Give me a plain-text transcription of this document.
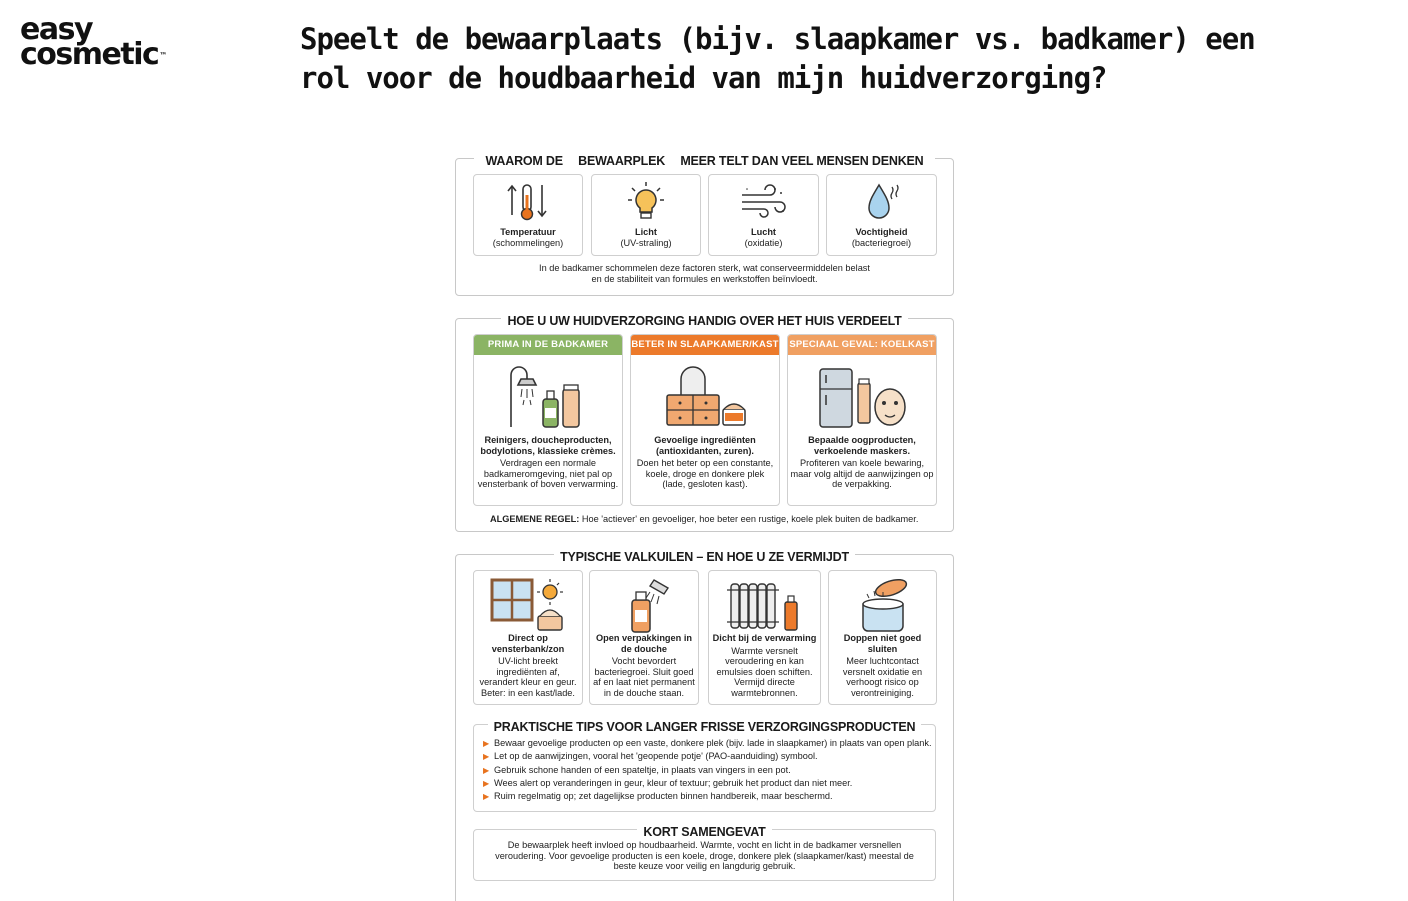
easy
cosmetic™	Speelt de bewaarplaats (bijv. slaapkamer vs. badkamer) een rol voor de houdbaarheid van mijn huidverzorging?
WAAROM DE BEWAARPLEK MEER TELT DAN VEEL MENSEN DENKEN
Temperatuur
(schommelingen)
Licht
(UV-straling)
Lucht
(oxidatie)
Vochtigheid
(bacteriegroei)
In de badkamer schommelen deze factoren sterk, wat conserveermiddelen belast en de stabiliteit van formules en werkstoffen beïnvloedt.
HOE U UW HUIDVERZORGING HANDIG OVER HET HUIS VERDEELT
PRIMA IN DE BADKAMER
Reinigers, doucheproducten, bodylotions, klassieke crèmes.
Verdragen een normale badkameromgeving, niet pal op vensterbank of boven verwarming.
BETER IN SLAAPKAMER/KAST
Gevoelige ingrediënten (antioxidanten, zuren).
Doen het beter op een constante, koele, droge en donkere plek (lade, gesloten kast).
SPECIAAL GEVAL: KOELKAST
Bepaalde oogproducten, verkoelende maskers.
Profiteren van koele bewaring, maar volg altijd de aanwijzingen op de verpakking.
ALGEMENE REGEL: Hoe 'actiever' en gevoeliger, hoe beter een rustige, koele plek buiten de badkamer.
TYPISCHE VALKUILEN – EN HOE U ZE VERMIJDT
Direct op vensterbank/zon
UV-licht breekt ingrediënten af, verandert kleur en geur. Beter: in een kast/lade.
Open verpakkingen in de douche
Vocht bevordert bacteriegroei. Sluit goed af en laat niet permanent in de douche staan.
Dicht bij de verwarming
Warmte versnelt veroudering en kan emulsies doen schiften. Vermijd directe warmtebronnen.
Doppen niet goed sluiten
Meer luchtcontact versnelt oxidatie en verhoogt risico op verontreiniging.
PRAKTISCHE TIPS VOOR LANGER FRISSE VERZORGINGSPRODUCTEN
▶ Bewaar gevoelige producten op een vaste, donkere plek (bijv. lade in slaapkamer) in plaats van open plank.
▶ Let op de aanwijzingen, vooral het 'geopende potje' (PAO-aanduiding) symbool.
▶ Gebruik schone handen of een spateltje, in plaats van vingers in een pot.
▶ Wees alert op veranderingen in geur, kleur of textuur; gebruik het product dan niet meer.
▶ Ruim regelmatig op; zet dagelijkse producten binnen handbereik, maar beschermd.
KORT SAMENGEVAT
De bewaarplek heeft invloed op houdbaarheid. Warmte, vocht en licht in de badkamer versnellen veroudering. Voor gevoelige producten is een koele, droge, donkere plek (slaapkamer/kast) meestal de beste keuze voor veilig en langdurig gebruik.
